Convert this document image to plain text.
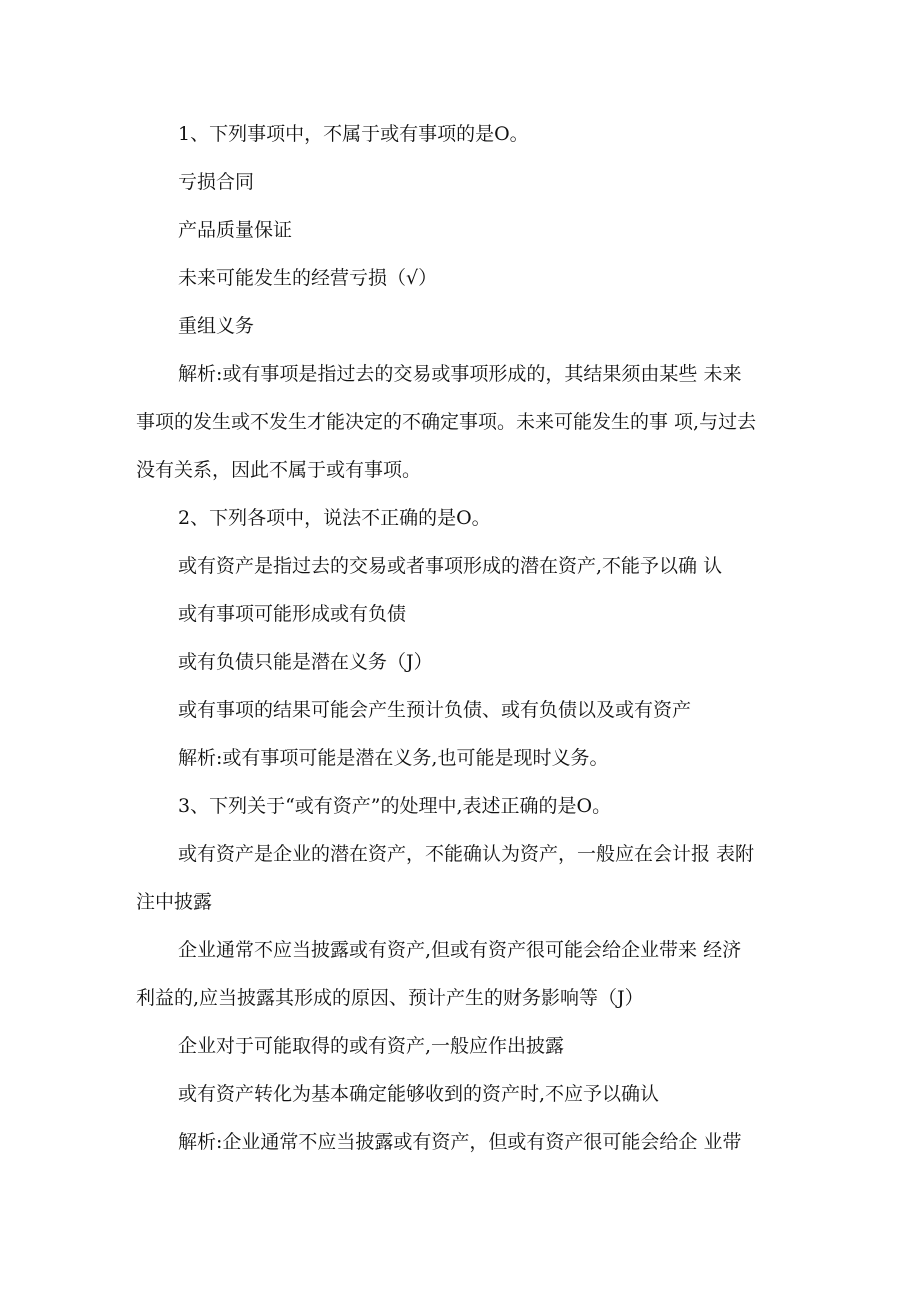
1、下列事项中，不属于或有事项的是O。

亏损合同

产品质量保证

未来可能发生的经营亏损（√）

重组义务

解析:或有事项是指过去的交易或事项形成的，其结果须由某些 未来

事项的发生或不发生才能决定的不确定事项。未来可能发生的事 项,与过去

没有关系，因此不属于或有事项。

2、下列各项中，说法不正确的是O。

或有资产是指过去的交易或者事项形成的潜在资产,不能予以确 认

或有事项可能形成或有负债

或有负债只能是潜在义务（J）

或有事项的结果可能会产生预计负债、或有负债以及或有资产

解析:或有事项可能是潜在义务,也可能是现时义务。

3、下列关于“或有资产”的处理中,表述正确的是O。

或有资产是企业的潜在资产，不能确认为资产，一般应在会计报 表附

注中披露

企业通常不应当披露或有资产,但或有资产很可能会给企业带来 经济

利益的,应当披露其形成的原因、预计产生的财务影响等（J）

企业对于可能取得的或有资产,一般应作出披露

或有资产转化为基本确定能够收到的资产时,不应予以确认

解析:企业通常不应当披露或有资产，但或有资产很可能会给企 业带
